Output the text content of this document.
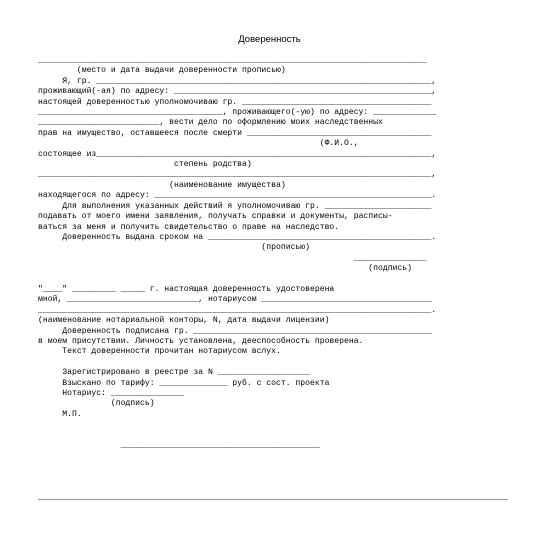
Доверенность
________________________________________________________________________________
(место и дата выдачи доверенности прописью)
Я, гр. _____________________________________________________________________,
проживающий(-ая) по адресу: _____________________________________________________,
настоящей доверенностью уполномочиваю гр. _______________________________________
______________________________________, проживающего(-ую) по адресу: _____________
_________________________, вести дело по оформлению моих наследственных
прав на имущество, оставшееся после смерти ______________________________________
(Ф.И.О.,
состоящее из_____________________________________________________________________,
степень родства)
_________________________________________________________________________________,
(наименование имущества)
находящегося по адресу: _________________________________________________________.
Для выполнения указанных действий я уполномочиваю гр. ______________________
подавать от моего имени заявления, получать справки и документы, расписы-
ваться за меня и получить свидетельство о праве на наследство.
Доверенность выдана сроком на ______________________________________________.
(прописью)
_______________
(подпись)

"____" _________ _____ г. настоящая доверенность удостоверена
мной, ___________________________, нотариусом ___________________________________
_________________________________________________________________________________.
(наименование нотариальной конторы, N, дата выдачи лицензии)
Доверенность подписана гр. _________________________________________________
в моем присутствии. Личность установлена, дееспособность проверена.
Текст доверенности прочитан нотариусом вслух.

Зарегистрировано в реестре за N ___________________
Взыскано по тарифу: ______________ руб. с сост. проекта
Нотариус: _______________
(подпись)
М.П.

_________________________________________
